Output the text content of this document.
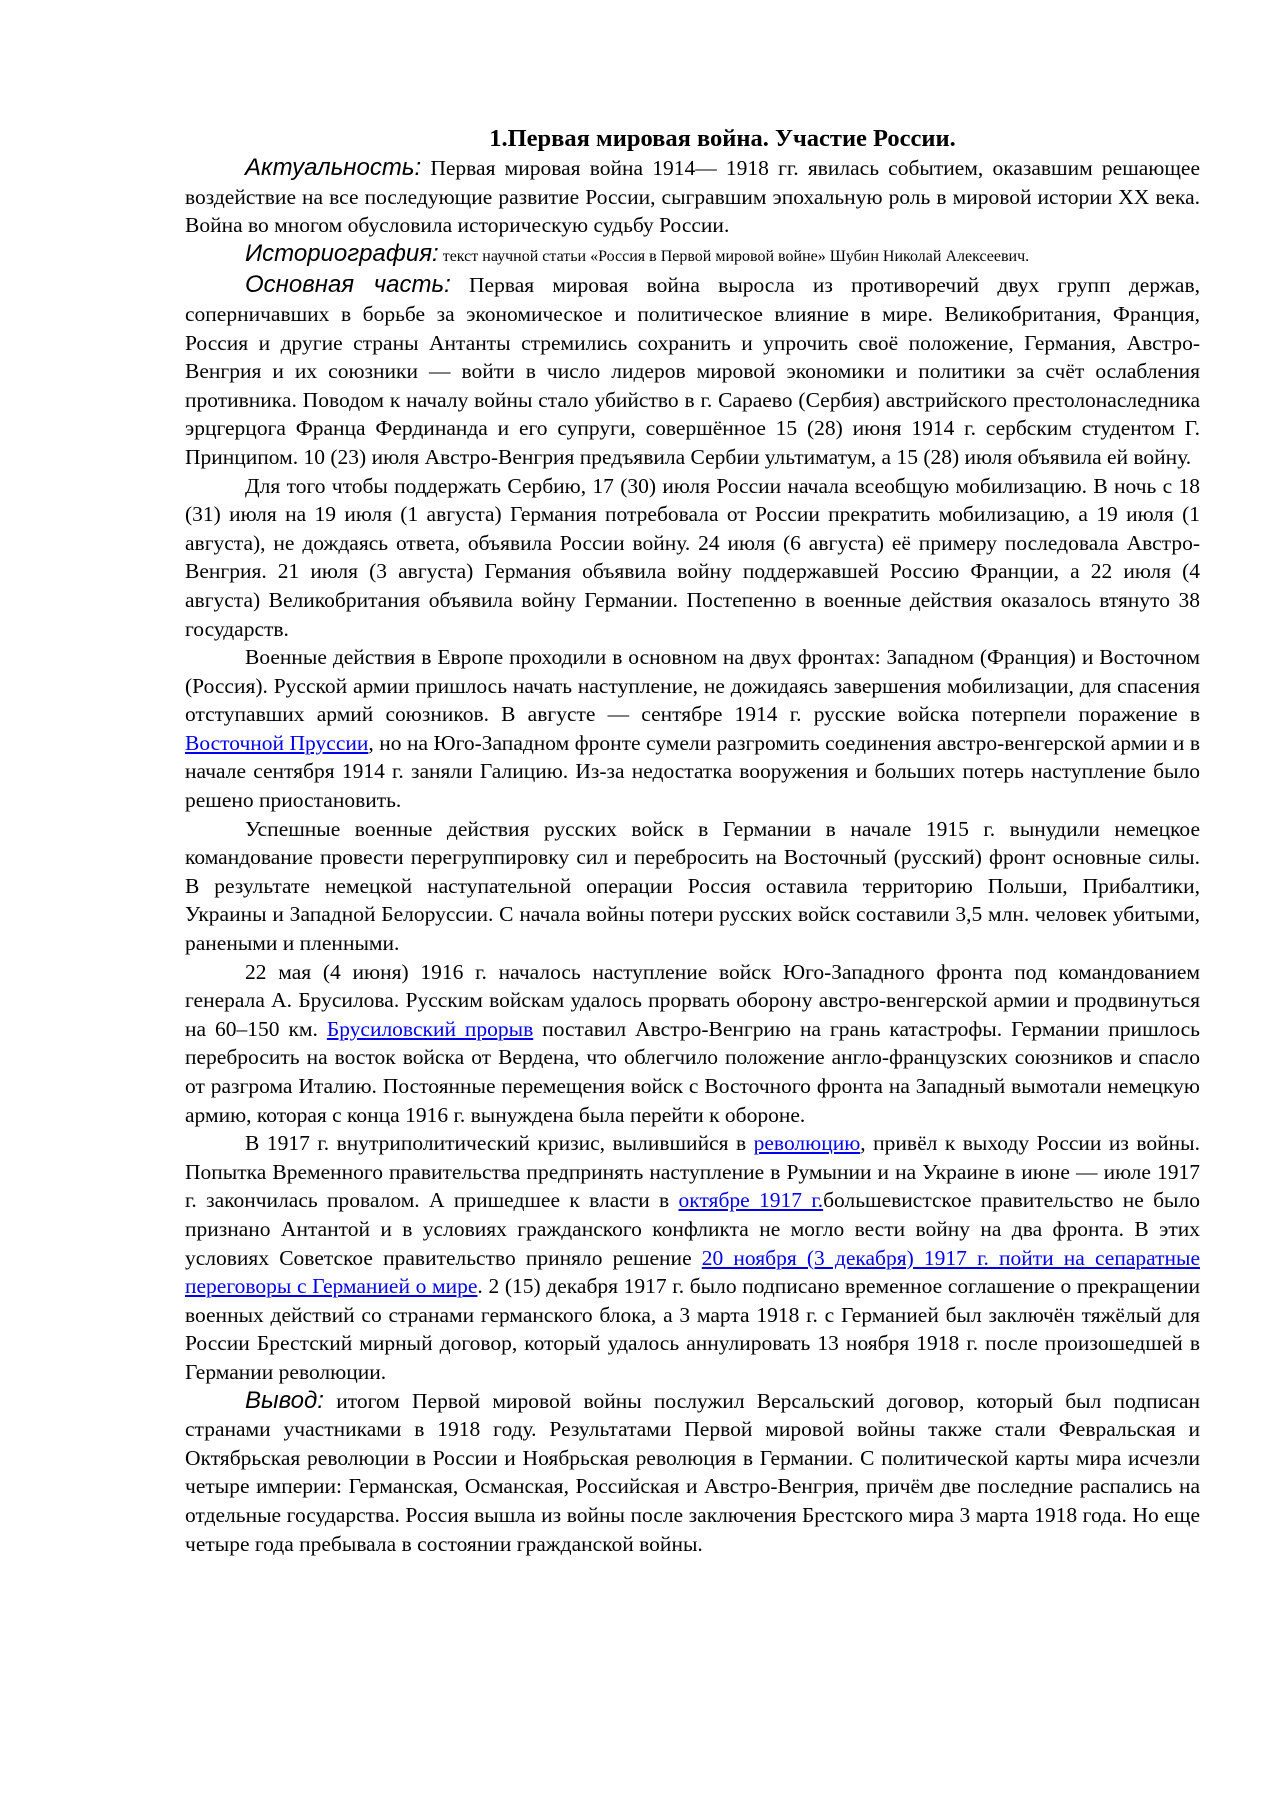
1.Первая мировая война. Участие России.

Актуальность: Первая мировая война 1914— 1918 гг. явилась событием, оказавшим решающее воздействие на все последующие развитие России, сыгравшим эпохальную роль в мировой истории XX века. Война во многом обусловила историческую судьбу России.

Историография: текст научной статьи «Россия в Первой мировой войне» Шубин Николай Алексеевич.

Основная часть: Первая мировая война выросла из противоречий двух групп держав, соперничавших в борьбе за экономическое и политическое влияние в мире. Великобритания, Франция, Россия и другие страны Антанты стремились сохранить и упрочить своё положение, Германия, Австро-Венгрия и их союзники — войти в число лидеров мировой экономики и политики за счёт ослабления противника. Поводом к началу войны стало убийство в г. Сараево (Сербия) австрийского престолонаследника эрцгерцога Франца Фердинанда и его супруги, совершённое 15 (28) июня 1914 г. сербским студентом Г. Принципом. 10 (23) июля Австро-Венгрия предъявила Сербии ультиматум, а 15 (28) июля объявила ей войну.

Для того чтобы поддержать Сербию, 17 (30) июля России начала всеобщую мобилизацию. В ночь с 18 (31) июля на 19 июля (1 августа) Германия потребовала от России прекратить мобилизацию, а 19 июля (1 августа), не дождаясь ответа, объявила России войну. 24 июля (6 августа) её примеру последовала Австро-Венгрия. 21 июля (3 августа) Германия объявила войну поддержавшей Россию Франции, а 22 июля (4 августа) Великобритания объявила войну Германии. Постепенно в военные действия оказалось втянуто 38 государств.

Военные действия в Европе проходили в основном на двух фронтах: Западном (Франция) и Восточном (Россия). Русской армии пришлось начать наступление, не дожидаясь завершения мобилизации, для спасения отступавших армий союзников. В августе — сентябре 1914 г. русские войска потерпели поражение в Восточной Пруссии, но на Юго-Западном фронте сумели разгромить соединения австро-венгерской армии и в начале сентября 1914 г. заняли Галицию. Из-за недостатка вооружения и больших потерь наступление было решено приостановить.

Успешные военные действия русских войск в Германии в начале 1915 г. вынудили немецкое командование провести перегруппировку сил и перебросить на Восточный (русский) фронт основные силы. В результате немецкой наступательной операции Россия оставила территорию Польши, Прибалтики, Украины и Западной Белоруссии. С начала войны потери русских войск составили 3,5 млн. человек убитыми, ранеными и пленными.

22 мая (4 июня) 1916 г. началось наступление войск Юго-Западного фронта под командованием генерала А. Брусилова. Русским войскам удалось прорвать оборону австро-венгерской армии и продвинуться на 60–150 км. Брусиловский прорыв поставил Австро-Венгрию на грань катастрофы. Германии пришлось перебросить на восток войска от Вердена, что облегчило положение англо-французских союзников и спасло от разгрома Италию. Постоянные перемещения войск с Восточного фронта на Западный вымотали немецкую армию, которая с конца 1916 г. вынуждена была перейти к обороне.

В 1917 г. внутриполитический кризис, вылившийся в революцию, привёл к выходу России из войны. Попытка Временного правительства предпринять наступление в Румынии и на Украине в июне — июле 1917 г. закончилась провалом. А пришедшее к власти в октябре 1917 г.большевистское правительство не было признано Антантой и в условиях гражданского конфликта не могло вести войну на два фронта. В этих условиях Советское правительство приняло решение 20 ноября (3 декабря) 1917 г. пойти на сепаратные переговоры с Германией о мире. 2 (15) декабря 1917 г. было подписано временное соглашение о прекращении военных действий со странами германского блока, а 3 марта 1918 г. с Германией был заключён тяжёлый для России Брестский мирный договор, который удалось аннулировать 13 ноября 1918 г. после произошедшей в Германии революции.

Вывод: итогом Первой мировой войны послужил Версальский договор, который был подписан странами участниками в 1918 году. Результатами Первой мировой войны также стали Февральская и Октябрьская революции в России и Ноябрьская революция в Германии. С политической карты мира исчезли четыре империи: Германская, Османская, Российская и Австро-Венгрия, причём две последние распались на отдельные государства. Россия вышла из войны после заключения Брестского мира 3 марта 1918 года. Но еще четыре года пребывала в состоянии гражданской войны.
